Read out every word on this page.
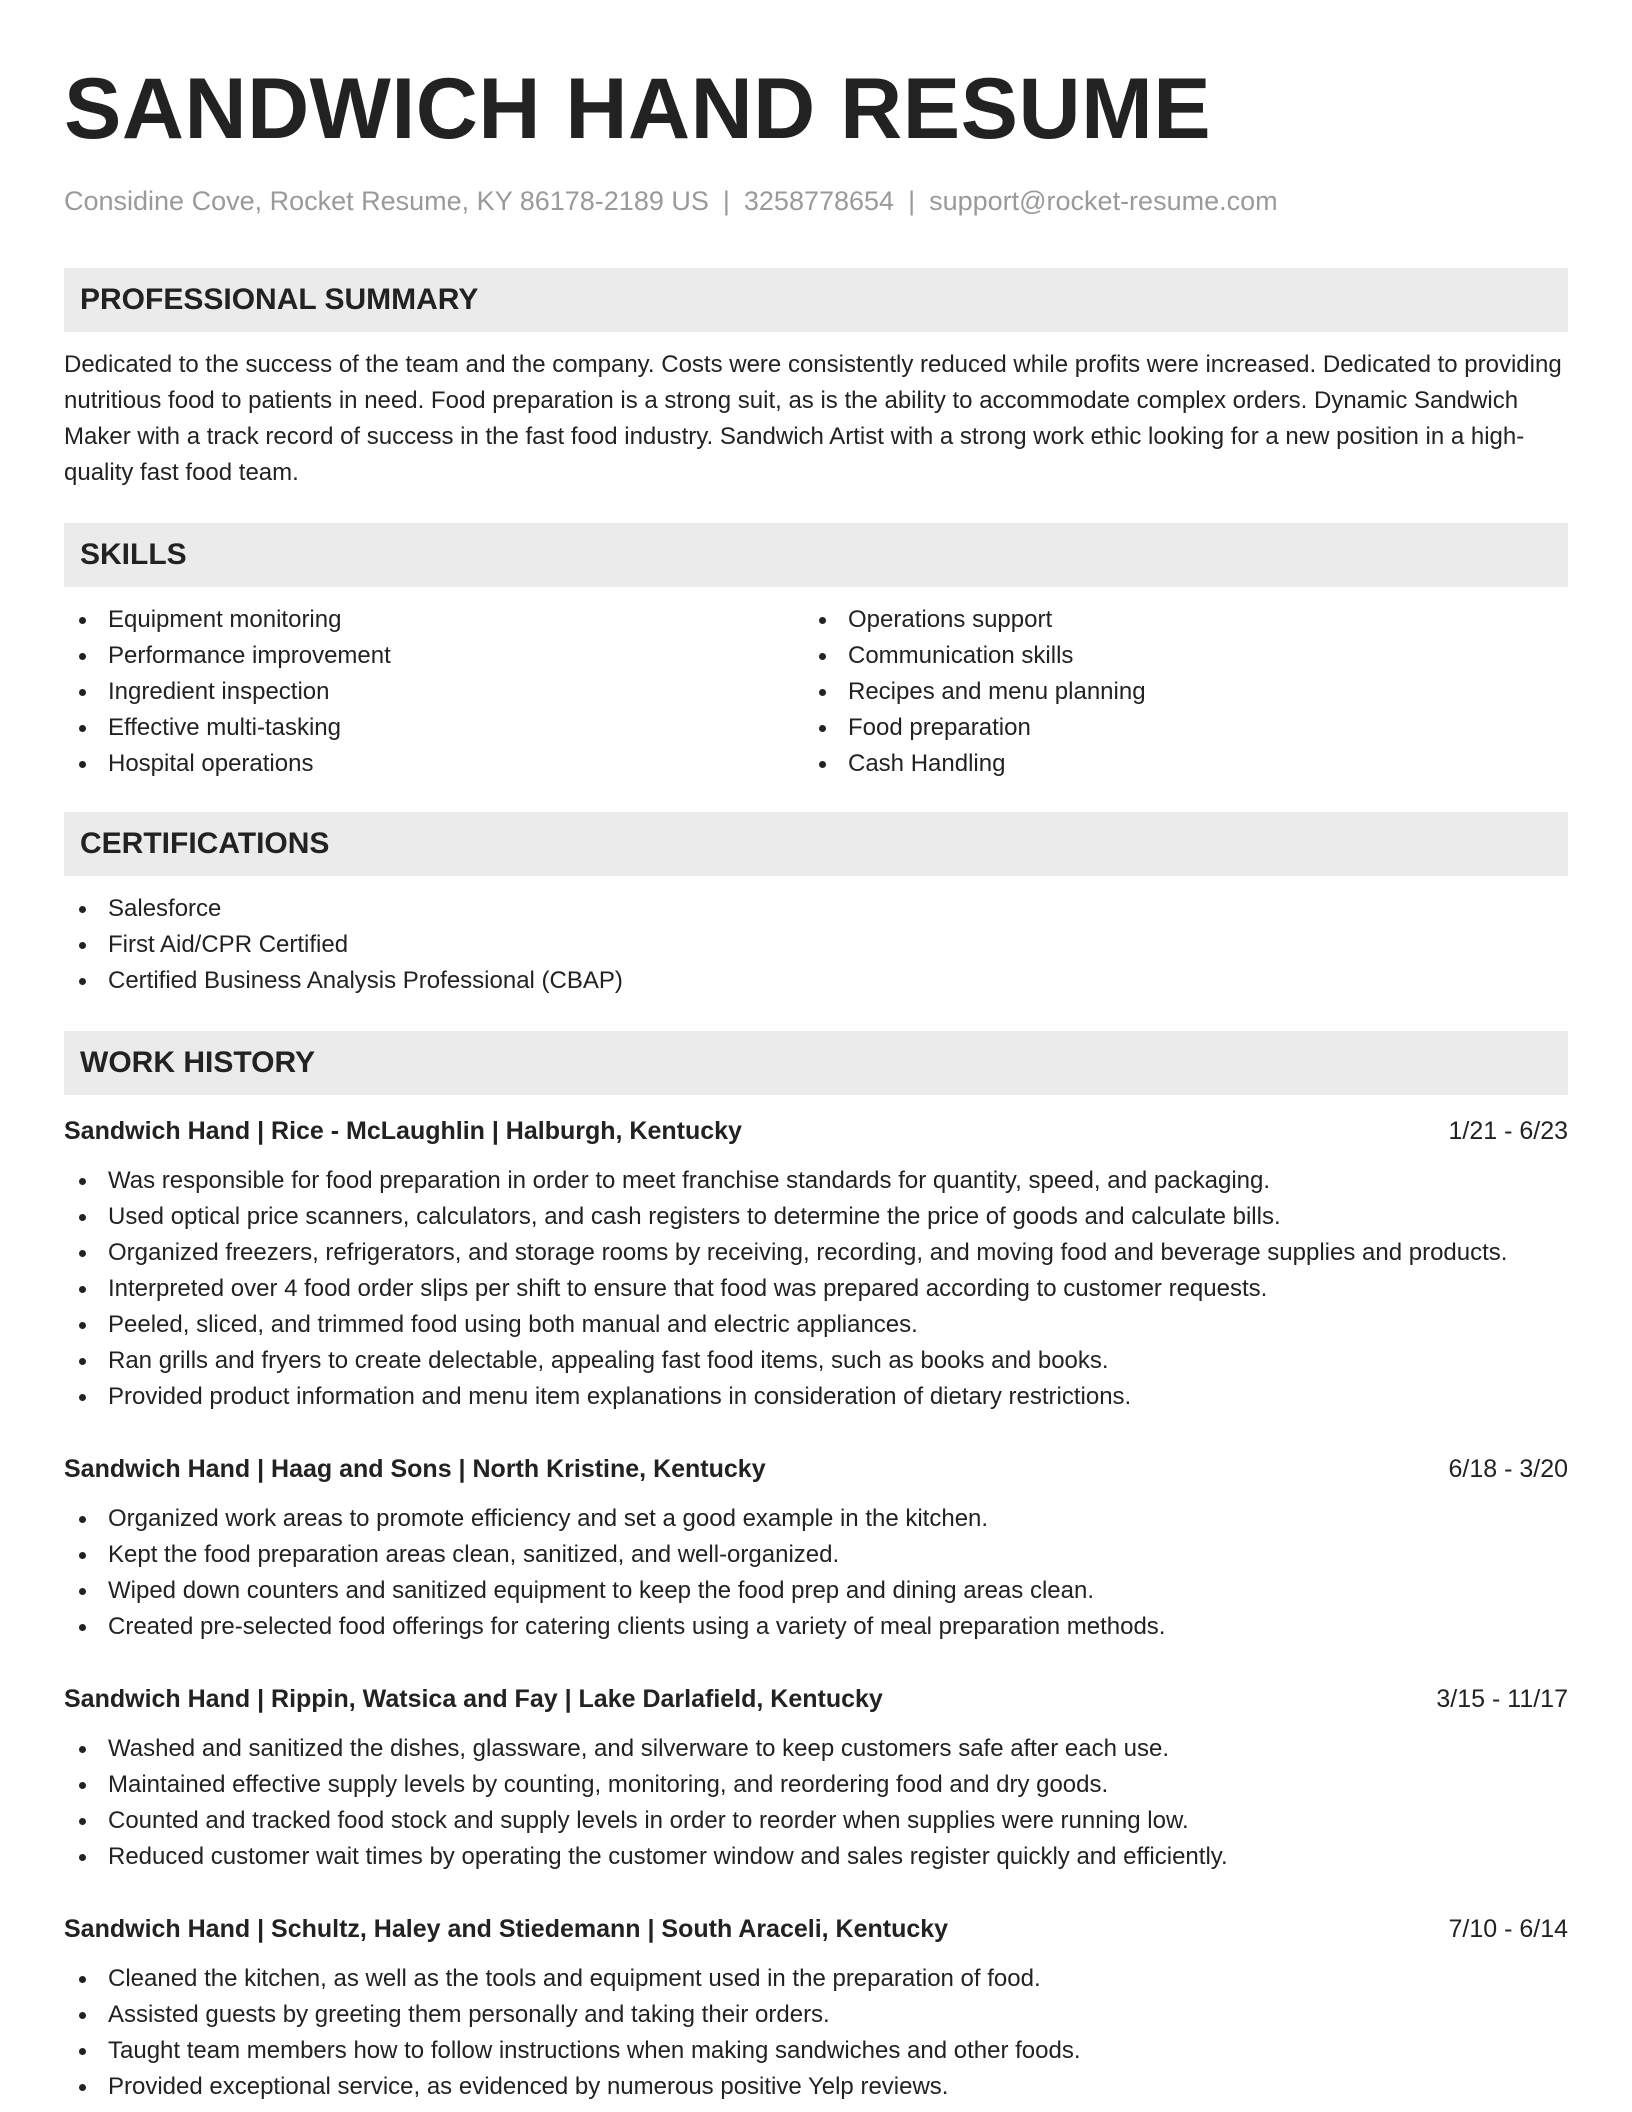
SANDWICH HAND RESUME
Considine Cove, Rocket Resume, KY 86178-2189 US | 3258778654 | support@rocket-resume.com
PROFESSIONAL SUMMARY
Dedicated to the success of the team and the company. Costs were consistently reduced while profits were increased. Dedicated to providing nutritious food to patients in need. Food preparation is a strong suit, as is the ability to accommodate complex orders. Dynamic Sandwich Maker with a track record of success in the fast food industry. Sandwich Artist with a strong work ethic looking for a new position in a high-quality fast food team.
SKILLS
Equipment monitoring
Performance improvement
Ingredient inspection
Effective multi-tasking
Hospital operations
Operations support
Communication skills
Recipes and menu planning
Food preparation
Cash Handling
CERTIFICATIONS
Salesforce
First Aid/CPR Certified
Certified Business Analysis Professional (CBAP)
WORK HISTORY
Sandwich Hand | Rice - McLaughlin | Halburgh, Kentucky	1/21 - 6/23
Was responsible for food preparation in order to meet franchise standards for quantity, speed, and packaging.
Used optical price scanners, calculators, and cash registers to determine the price of goods and calculate bills.
Organized freezers, refrigerators, and storage rooms by receiving, recording, and moving food and beverage supplies and products.
Interpreted over 4 food order slips per shift to ensure that food was prepared according to customer requests.
Peeled, sliced, and trimmed food using both manual and electric appliances.
Ran grills and fryers to create delectable, appealing fast food items, such as books and books.
Provided product information and menu item explanations in consideration of dietary restrictions.
Sandwich Hand | Haag and Sons | North Kristine, Kentucky	6/18 - 3/20
Organized work areas to promote efficiency and set a good example in the kitchen.
Kept the food preparation areas clean, sanitized, and well-organized.
Wiped down counters and sanitized equipment to keep the food prep and dining areas clean.
Created pre-selected food offerings for catering clients using a variety of meal preparation methods.
Sandwich Hand | Rippin, Watsica and Fay | Lake Darlafield, Kentucky	3/15 - 11/17
Washed and sanitized the dishes, glassware, and silverware to keep customers safe after each use.
Maintained effective supply levels by counting, monitoring, and reordering food and dry goods.
Counted and tracked food stock and supply levels in order to reorder when supplies were running low.
Reduced customer wait times by operating the customer window and sales register quickly and efficiently.
Sandwich Hand | Schultz, Haley and Stiedemann | South Araceli, Kentucky	7/10 - 6/14
Cleaned the kitchen, as well as the tools and equipment used in the preparation of food.
Assisted guests by greeting them personally and taking their orders.
Taught team members how to follow instructions when making sandwiches and other foods.
Provided exceptional service, as evidenced by numerous positive Yelp reviews.
